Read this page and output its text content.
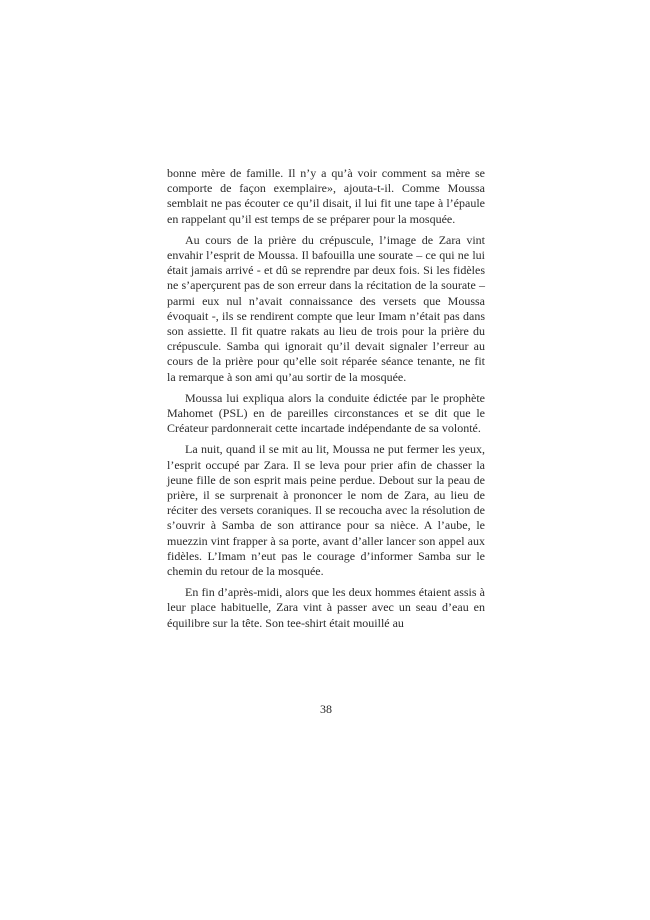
bonne mère de famille. Il n’y a qu’à voir comment sa mère se comporte de façon exemplaire», ajouta-t-il. Comme Moussa semblait ne pas écouter ce qu’il disait, il lui fit une tape à l’épaule en rappelant qu’il est temps de se préparer pour la mosquée.

Au cours de la prière du crépuscule, l’image de Zara vint envahir l’esprit de Moussa. Il bafouilla une sourate – ce qui ne lui était jamais arrivé - et dû se reprendre par deux fois. Si les fidèles ne s’aperçurent pas de son erreur dans la récitation de la sourate – parmi eux nul n’avait connaissance des versets que Moussa évoquait -, ils se rendirent compte que leur Imam n’était pas dans son assiette. Il fit quatre rakats au lieu de trois pour la prière du crépuscule. Samba qui ignorait qu’il devait signaler l’erreur au cours de la prière pour qu’elle soit réparée séance tenante, ne fit la remarque à son ami qu’au sortir de la mosquée.

Moussa lui expliqua alors la conduite édictée par le prophète Mahomet (PSL) en de pareilles circonstances et se dit que le Créateur pardonnerait cette incartade indépendante de sa volonté.

La nuit, quand il se mit au lit, Moussa ne put fermer les yeux, l’esprit occupé par Zara. Il se leva pour prier afin de chasser la jeune fille de son esprit mais peine perdue. Debout sur la peau de prière, il se surprenait à prononcer le nom de Zara, au lieu de réciter des versets coraniques. Il se recoucha avec la résolution de s’ouvrir à Samba de son attirance pour sa nièce. A l’aube, le muezzin vint frapper à sa porte, avant d’aller lancer son appel aux fidèles. L’Imam n’eut pas le courage d’informer Samba sur le chemin du retour de la mosquée.

En fin d’après-midi, alors que les deux hommes étaient assis à leur place habituelle, Zara vint à passer avec un seau d’eau en équilibre sur la tête. Son tee-shirt était mouillé au

38
